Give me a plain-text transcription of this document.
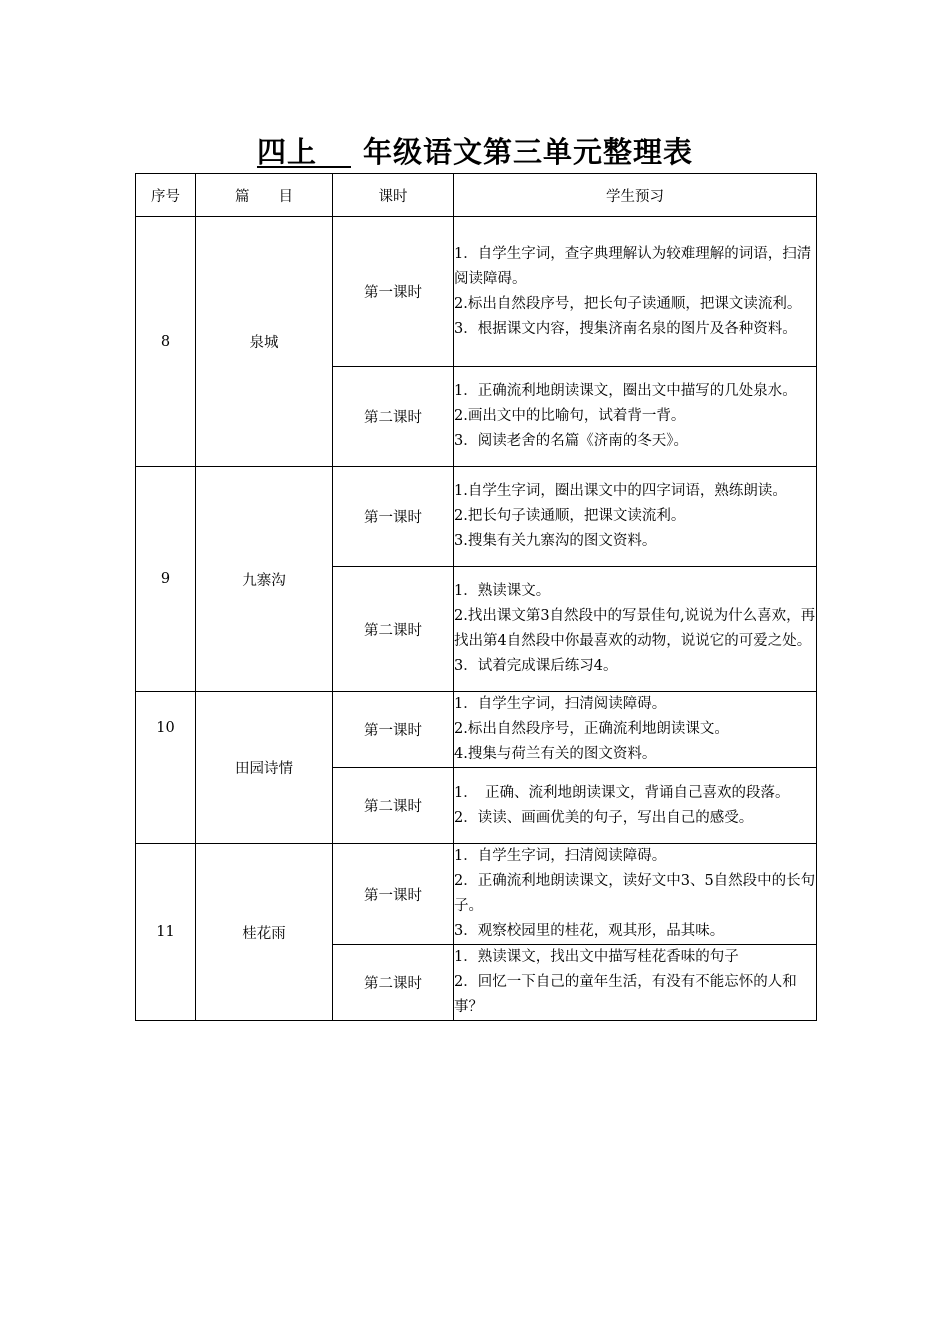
四上 年级语文第三单元整理表
序号	篇　　目	课时	学生预习
8	泉城	第一课时	1．自学生字词，查字典理解认为较难理解的词语，扫清阅读障碍。
2.标出自然段序号，把长句子读通顺，把课文读流利。
3．根据课文内容，搜集济南名泉的图片及各种资料。

		第二课时	1．正确流利地朗读课文，圈出文中描写的几处泉水。
2.画出文中的比喻句，试着背一背。
3．阅读老舍的名篇《济南的冬天》。

9	九寨沟	第一课时	1.自学生字词，圈出课文中的四字词语，熟练朗读。
2.把长句子读通顺，把课文读流利。
3.搜集有关九寨沟的图文资料。

		第二课时	1．熟读课文。
2.找出课文第3自然段中的写景佳句,说说为什么喜欢，再找出第4自然段中你最喜欢的动物，说说它的可爱之处。
3．试着完成课后练习4。

10	田园诗情	第一课时	1．自学生字词，扫清阅读障碍。
2.标出自然段序号，正确流利地朗读课文。
4.搜集与荷兰有关的图文资料。

		第二课时	1．　正确、流利地朗读课文，背诵自己喜欢的段落。
2．读读、画画优美的句子，写出自己的感受。

11	桂花雨	第一课时	1．自学生字词，扫清阅读障碍。
2．正确流利地朗读课文，读好文中3、5自然段中的长句子。
3．观察校园里的桂花，观其形，品其味。

		第二课时	1．熟读课文，找出文中描写桂花香味的句子
2．回忆一下自己的童年生活，有没有不能忘怀的人和事？
